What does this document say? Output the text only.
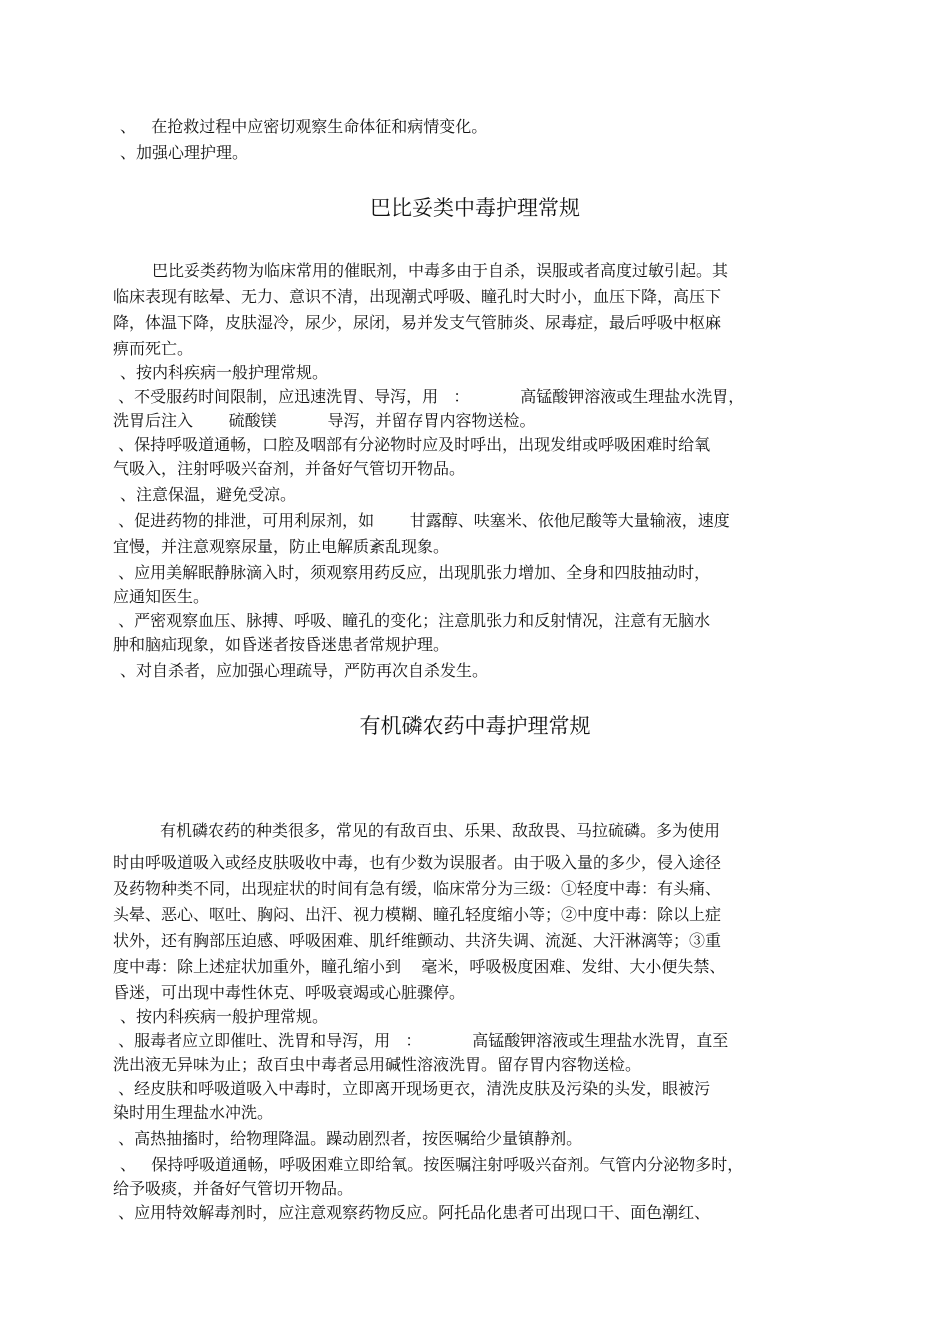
、   在抢救过程中应密切观察生命体征和病情变化。
、加强心理护理。
巴比妥类中毒护理常规
巴比妥类药物为临床常用的催眠剂，中毒多由于自杀，误服或者高度过敏引起。其
临床表现有眩晕、无力、意识不清，出现潮式呼吸、瞳孔时大时小，血压下降，高压下
降，体温下降，皮肤湿冷，尿少，尿闭，易并发支气管肺炎、尿毒症，最后呼吸中枢麻
痹而死亡。
、按内科疾病一般护理常规。
、不受服药时间限制，应迅速洗胃、导泻，用   ：          高锰酸钾溶液或生理盐水洗胃，
洗胃后注入       硫酸镁          导泻，并留存胃内容物送检。
、保持呼吸道通畅，口腔及咽部有分泌物时应及时呼出，出现发绀或呼吸困难时给氧
气吸入，注射呼吸兴奋剂，并备好气管切开物品。
、注意保温，避免受凉。
、促进药物的排泄，可用利尿剂，如       甘露醇、呋塞米、依他尼酸等大量输液，速度
宜慢，并注意观察尿量，防止电解质紊乱现象。
、应用美解眠静脉滴入时，须观察用药反应，出现肌张力增加、全身和四肢抽动时，
应通知医生。
、严密观察血压、脉搏、呼吸、瞳孔的变化；注意肌张力和反射情况，注意有无脑水
肿和脑疝现象，如昏迷者按昏迷患者常规护理。
、对自杀者，应加强心理疏导，严防再次自杀发生。
有机磷农药中毒护理常规
有机磷农药的种类很多，常见的有敌百虫、乐果、敌敌畏、马拉硫磷。多为使用
时由呼吸道吸入或经皮肤吸收中毒，也有少数为误服者。由于吸入量的多少，侵入途径
及药物种类不同，出现症状的时间有急有缓，临床常分为三级：①轻度中毒：有头痛、
头晕、恶心、呕吐、胸闷、出汗、视力模糊、瞳孔轻度缩小等；②中度中毒：除以上症
状外，还有胸部压迫感、呼吸困难、肌纤维颤动、共济失调、流涎、大汗淋漓等；③重
度中毒：除上述症状加重外，瞳孔缩小到    毫米，呼吸极度困难、发绀、大小便失禁、
昏迷，可出现中毒性休克、呼吸衰竭或心脏骤停。
、按内科疾病一般护理常规。
、服毒者应立即催吐、洗胃和导泻，用   ：          高锰酸钾溶液或生理盐水洗胃，直至
洗出液无异味为止；敌百虫中毒者忌用碱性溶液洗胃。留存胃内容物送检。
、经皮肤和呼吸道吸入中毒时，立即离开现场更衣，清洗皮肤及污染的头发，眼被污
染时用生理盐水冲洗。
、高热抽搐时，给物理降温。躁动剧烈者，按医嘱给少量镇静剂。
、   保持呼吸道通畅，呼吸困难立即给氧。按医嘱注射呼吸兴奋剂。气管内分泌物多时，
给予吸痰，并备好气管切开物品。
、应用特效解毒剂时，应注意观察药物反应。阿托品化患者可出现口干、面色潮红、
